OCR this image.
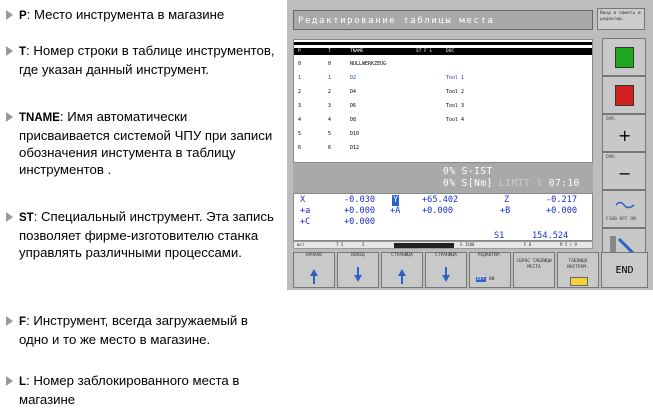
P: Место инструмента в магазине
T: Номер строки в таблице инструментов, где указан данный инструмент.
TNAME: Имя автоматически присваивается системой ЧПУ при записи обозначения инстумента в таблицу инструментов .
ST: Специальный инструмент. Эта запись позволяет фирме-изготовителю станка управлять различными процессами.
F: Инструмент, всегда загружаемый в одно и то же место в магазине.
L: Номер заблокированного места в магазине
Редактирование таблицы места
Ввод в память и редактир.
P	T	TNAME	ST F L	DOC
0	0	NULLWERKZEUG
1	1	D2	Tool 1
2	2	D4	Tool 2
3	3	D6	Tool 3
4	4	D8	Tool 4
5	5	D10
6	6	D12
0% S-IST
0% S[Nm] LIMIT 1 07:10
X	-0.030 Y	+65.402	Z	-0.217
+a	+0.000 +A	+0.000	+B	+0.000
+C	+0.000
S1	154.524
ист	Т 5	Z	S 1500	F 0	M 5 / 9
OVR.
+
OVR.
−
F100 OFF ON
НАЧАЛО	КОНЕЦ	СТРАНИЦА	СТРАНИЦА	РЕДАКТИР.
OFF ON
СБРОС ТАБЛИЦЫ МЕСТА
ТАБЛИЦА ИНСТРУМ.	END
